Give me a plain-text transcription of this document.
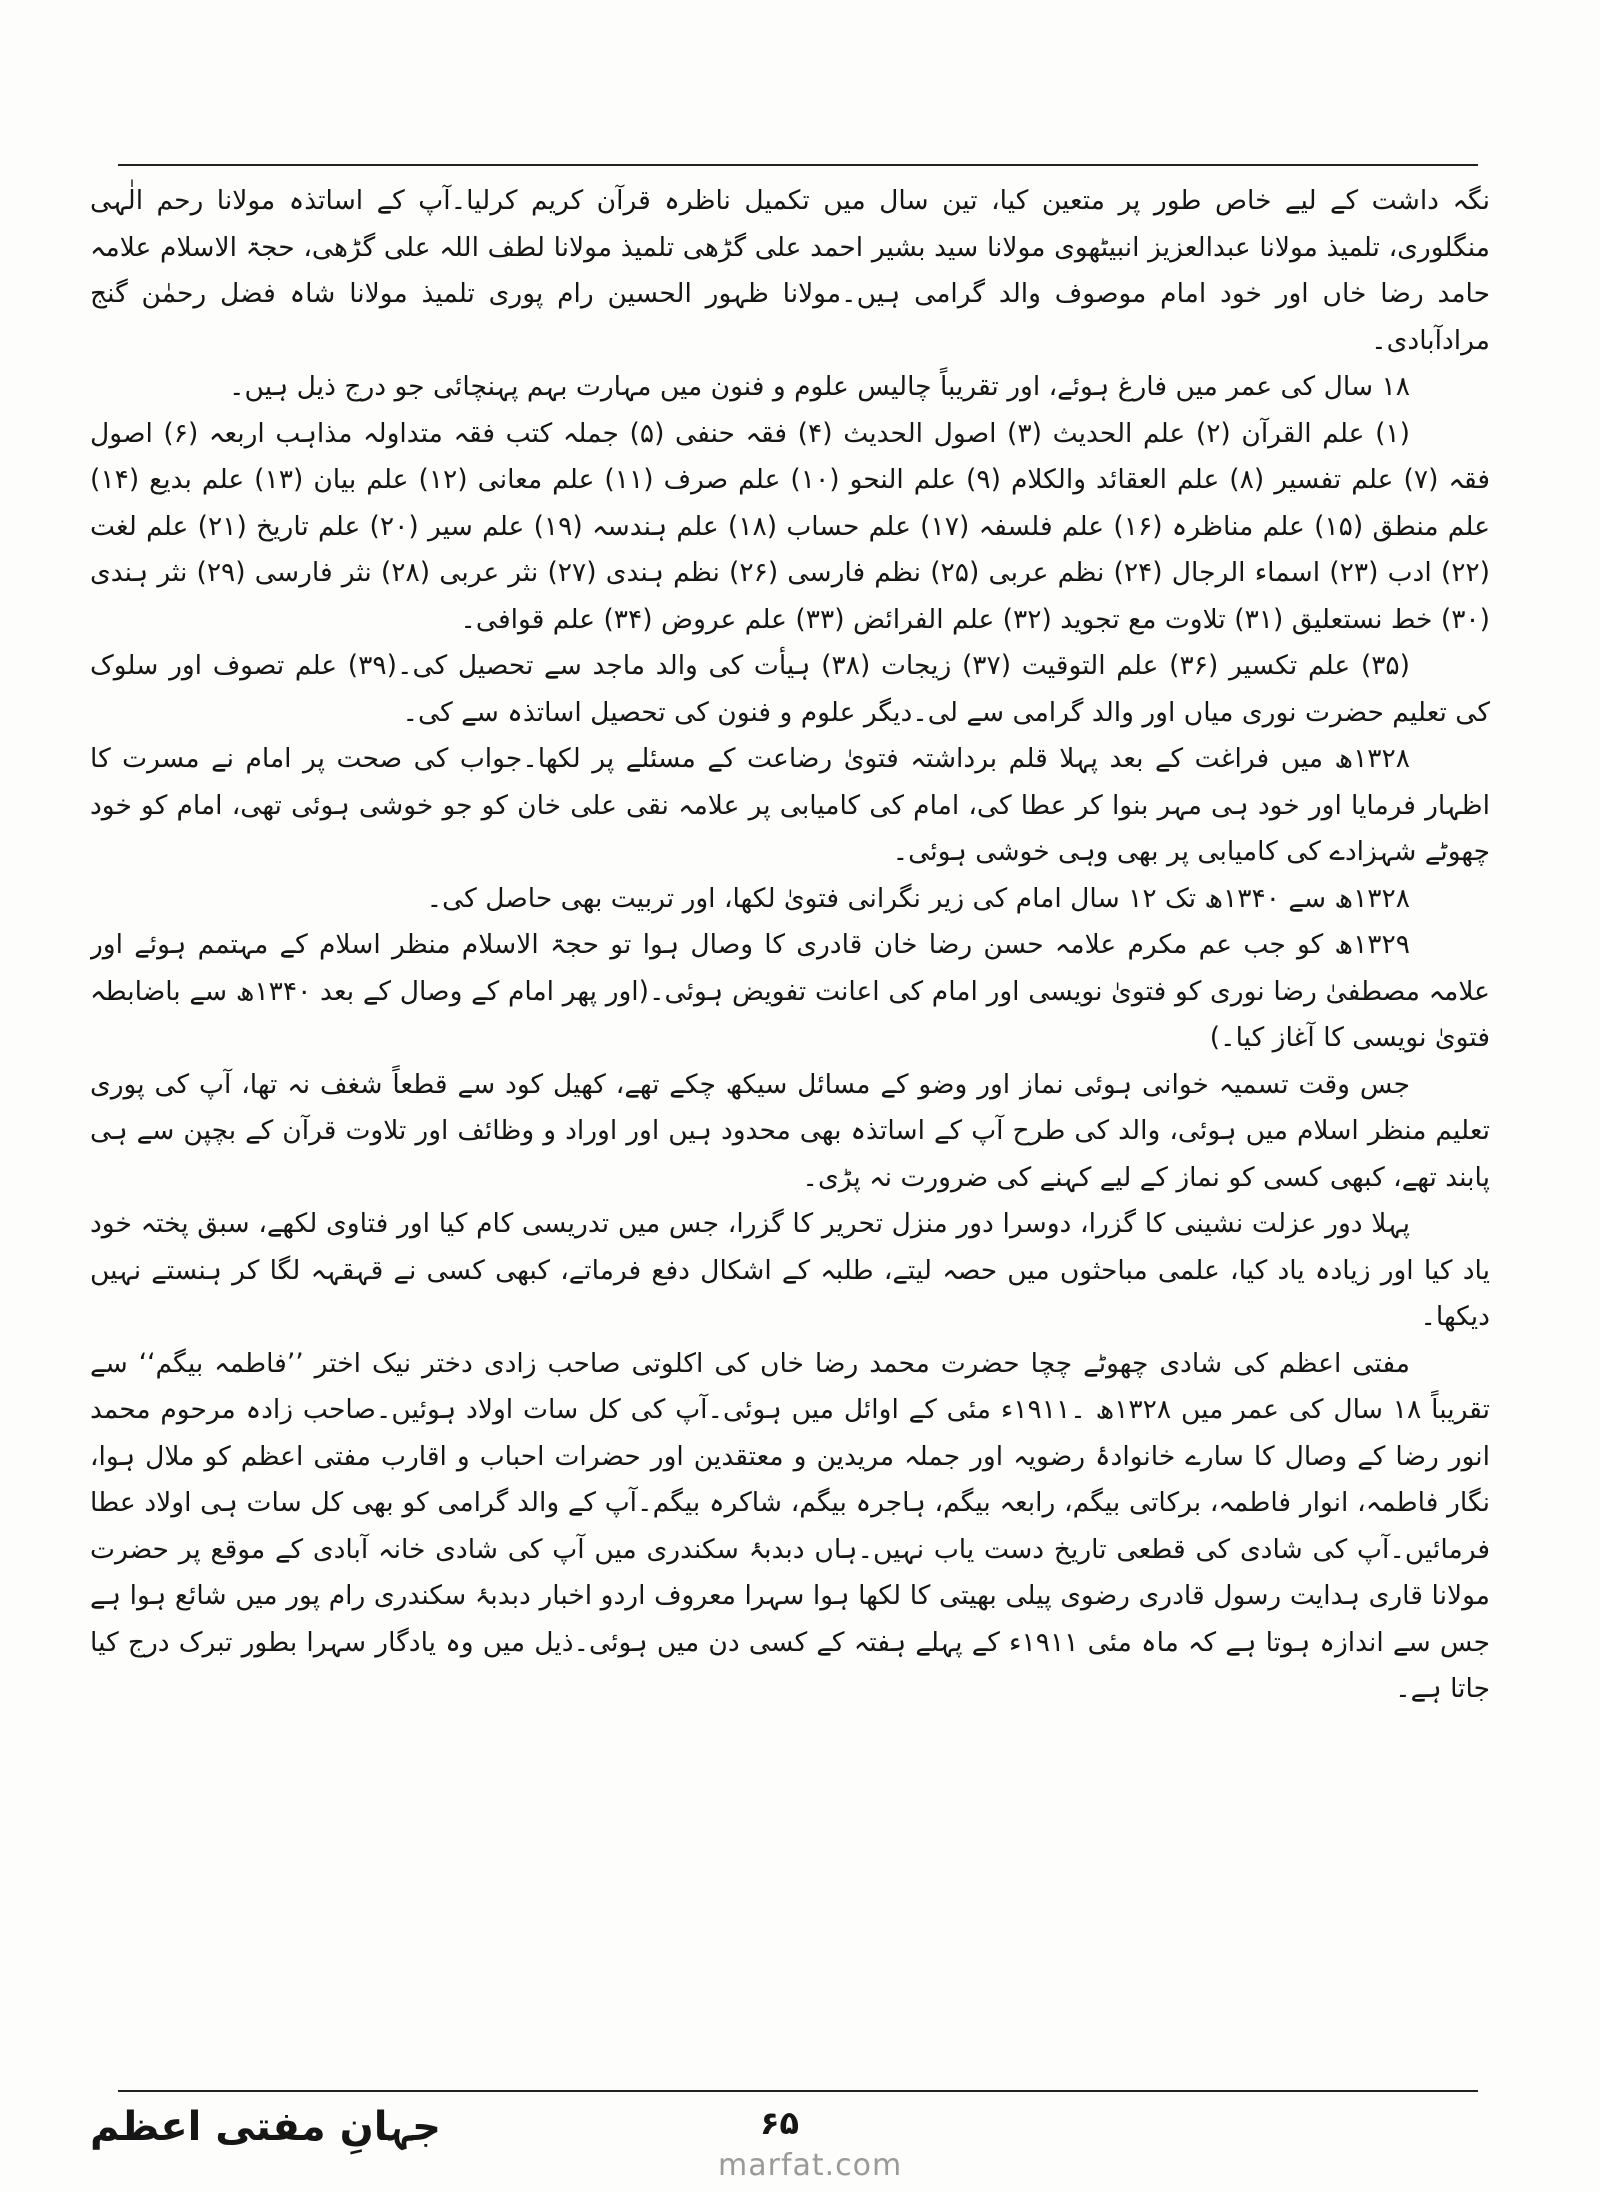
نگہ داشت کے لیے خاص طور پر متعین کیا، تین سال میں تکمیل ناظرہ قرآن کریم کرلیا۔آپ کے اساتذہ مولانا رحم الٰہی منگلوری، تلمیذ مولانا عبدالعزیز انبیٹھوی مولانا سید بشیر احمد علی گڑھی تلمیذ مولانا لطف اللہ علی گڑھی، حجۃ الاسلام علامہ حامد رضا خاں اور خود امام موصوف والد گرامی ہیں۔مولانا ظہور الحسین رام پوری تلمیذ مولانا شاہ فضل رحمٰن گنج مرادآبادی۔

۱۸ سال کی عمر میں فارغ ہوئے، اور تقریباً چالیس علوم و فنون میں مہارت بہم پہنچائی جو درج ذیل ہیں۔

(۱) علم القرآن (۲) علم الحدیث (۳) اصول الحدیث (۴) فقہ حنفی (۵) جملہ کتب فقہ متداولہ مذاہب اربعہ (۶) اصول فقہ (۷) علم تفسیر (۸) علم العقائد والکلام (۹) علم النحو (۱۰) علم صرف (۱۱) علم معانی (۱۲) علم بیان (۱۳) علم بدیع (۱۴) علم منطق (۱۵) علم مناظرہ (۱۶) علم فلسفہ (۱۷) علم حساب (۱۸) علم ہندسہ (۱۹) علم سیر (۲۰) علم تاریخ (۲۱) علم لغت (۲۲) ادب (۲۳) اسماء الرجال (۲۴) نظم عربی (۲۵) نظم فارسی (۲۶) نظم ہندی (۲۷) نثر عربی (۲۸) نثر فارسی (۲۹) نثر ہندی (۳۰) خط نستعلیق (۳۱) تلاوت مع تجوید (۳۲) علم الفرائض (۳۳) علم عروض (۳۴) علم قوافی۔

(۳۵) علم تکسیر (۳۶) علم التوقیت (۳۷) زیجات (۳۸) ہیأت کی والد ماجد سے تحصیل کی۔(۳۹) علم تصوف اور سلوک کی تعلیم حضرت نوری میاں اور والد گرامی سے لی۔دیگر علوم و فنون کی تحصیل اساتذہ سے کی۔

۱۳۲۸ھ میں فراغت کے بعد پہلا قلم برداشتہ فتویٰ رضاعت کے مسئلے پر لکھا۔جواب کی صحت پر امام نے مسرت کا اظہار فرمایا اور خود ہی مہر بنوا کر عطا کی، امام کی کامیابی پر علامہ نقی علی خان کو جو خوشی ہوئی تھی، امام کو خود چھوٹے شہزادے کی کامیابی پر بھی وہی خوشی ہوئی۔

۱۳۲۸ھ سے ۱۳۴۰ھ تک ۱۲ سال امام کی زیر نگرانی فتویٰ لکھا، اور تربیت بھی حاصل کی۔

۱۳۲۹ھ کو جب عم مکرم علامہ حسن رضا خان قادری کا وصال ہوا تو حجۃ الاسلام منظر اسلام کے مہتمم ہوئے اور علامہ مصطفیٰ رضا نوری کو فتویٰ نویسی اور امام کی اعانت تفویض ہوئی۔(اور پھر امام کے وصال کے بعد ۱۳۴۰ھ سے باضابطہ فتویٰ نویسی کا آغاز کیا۔)

جس وقت تسمیہ خوانی ہوئی نماز اور وضو کے مسائل سیکھ چکے تھے، کھیل کود سے قطعاً شغف نہ تھا، آپ کی پوری تعلیم منظر اسلام میں ہوئی، والد کی طرح آپ کے اساتذہ بھی محدود ہیں اور اوراد و وظائف اور تلاوت قرآن کے بچپن سے ہی پابند تھے، کبھی کسی کو نماز کے لیے کہنے کی ضرورت نہ پڑی۔

پہلا دور عزلت نشینی کا گزرا، دوسرا دور منزل تحریر کا گزرا، جس میں تدریسی کام کیا اور فتاوی لکھے، سبق پختہ خود یاد کیا اور زیادہ یاد کیا، علمی مباحثوں میں حصہ لیتے، طلبہ کے اشکال دفع فرماتے، کبھی کسی نے قہقہہ لگا کر ہنستے نہیں دیکھا۔

مفتی اعظم کی شادی چھوٹے چچا حضرت محمد رضا خاں کی اکلوتی صاحب زادی دختر نیک اختر ’’فاطمہ بیگم‘‘ سے تقریباً ۱۸ سال کی عمر میں ۱۳۲۸ھ ۔۱۹۱۱ء مئی کے اوائل میں ہوئی۔آپ کی کل سات اولاد ہوئیں۔صاحب زادہ مرحوم محمد انور رضا کے وصال کا سارے خانوادۂ رضویہ اور جملہ مریدین و معتقدین اور حضرات احباب و اقارب مفتی اعظم کو ملال ہوا، نگار فاطمہ، انوار فاطمہ، برکاتی بیگم، رابعہ بیگم، ہاجرہ بیگم، شاکرہ بیگم۔آپ کے والد گرامی کو بھی کل سات ہی اولاد عطا فرمائیں۔آپ کی شادی کی قطعی تاریخ دست یاب نہیں۔ہاں دبدبۂ سکندری میں آپ کی شادی خانہ آبادی کے موقع پر حضرت مولانا قاری ہدایت رسول قادری رضوی پیلی بھیتی کا لکھا ہوا سہرا معروف اردو اخبار دبدبۂ سکندری رام پور میں شائع ہوا ہے جس سے اندازہ ہوتا ہے کہ ماہ مئی ۱۹۱۱ء کے پہلے ہفتہ کے کسی دن میں ہوئی۔ذیل میں وہ یادگار سہرا بطور تبرک درج کیا جاتا ہے۔

۶۵
جہانِ مفتی اعظم
marfat.com
